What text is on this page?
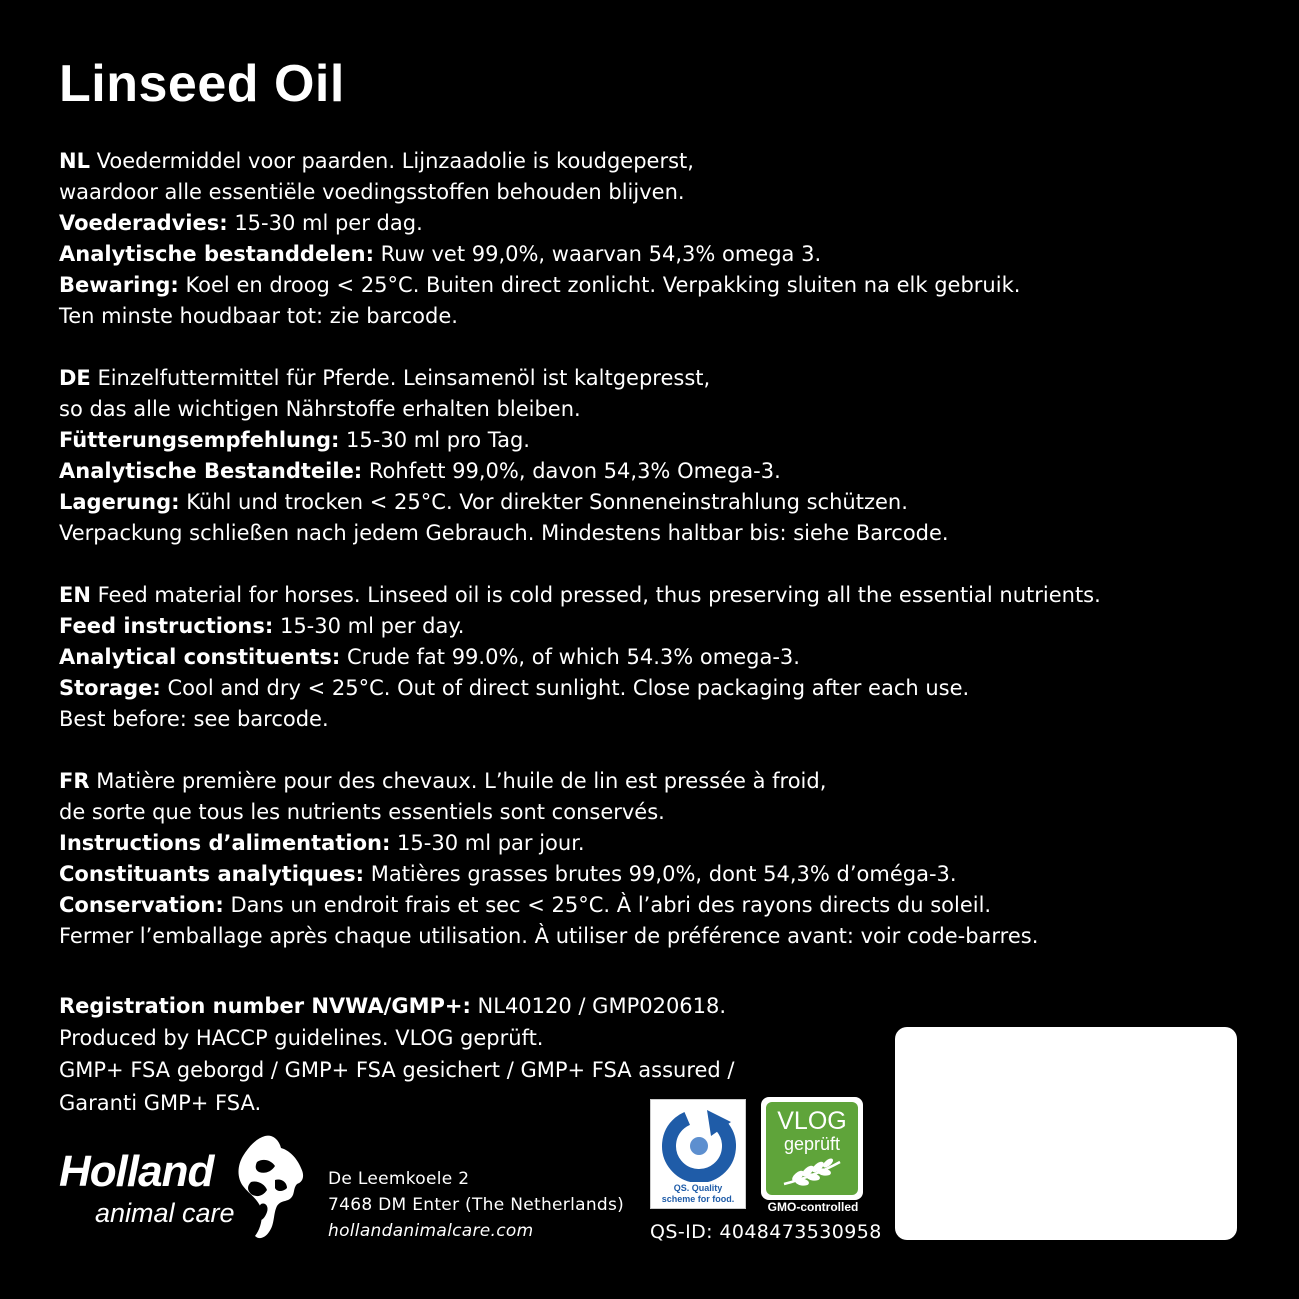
Linseed Oil
NL Voedermiddel voor paarden. Lijnzaadolie is koudgeperst,
waardoor alle essentiële voedingsstoffen behouden blijven.
Voederadvies: 15-30 ml per dag.
Analytische bestanddelen: Ruw vet 99,0%, waarvan 54,3% omega 3.
Bewaring: Koel en droog < 25°C. Buiten direct zonlicht. Verpakking sluiten na elk gebruik.
Ten minste houdbaar tot: zie barcode.
DE Einzelfuttermittel für Pferde. Leinsamenöl ist kaltgepresst,
so das alle wichtigen Nährstoffe erhalten bleiben.
Fütterungsempfehlung: 15-30 ml pro Tag.
Analytische Bestandteile: Rohfett 99,0%, davon 54,3% Omega-3.
Lagerung: Kühl und trocken < 25°C. Vor direkter Sonneneinstrahlung schützen.
Verpackung schließen nach jedem Gebrauch. Mindestens haltbar bis: siehe Barcode.
EN Feed material for horses. Linseed oil is cold pressed, thus preserving all the essential nutrients.
Feed instructions: 15-30 ml per day.
Analytical constituents: Crude fat 99.0%, of which 54.3% omega-3.
Storage: Cool and dry < 25°C. Out of direct sunlight. Close packaging after each use.
Best before: see barcode.
FR Matière première pour des chevaux. L’huile de lin est pressée à froid,
de sorte que tous les nutrients essentiels sont conservés.
Instructions d’alimentation: 15-30 ml par jour.
Constituants analytiques: Matières grasses brutes 99,0%, dont 54,3% d’oméga-3.
Conservation: Dans un endroit frais et sec < 25°C. À l’abri des rayons directs du soleil.
Fermer l’emballage après chaque utilisation. À utiliser de préférence avant: voir code-barres.
Registration number NVWA/GMP+: NL40120 / GMP020618.
Produced by HACCP guidelines. VLOG geprüft.
GMP+ FSA geborgd / GMP+ FSA gesichert / GMP+ FSA assured /
Garanti GMP+ FSA.
Holland
animal care
De Leemkoele 2
7468 DM Enter (The Netherlands)
hollandanimalcare.com
QS. Quality
scheme for food.
VLOG
geprüft
GMO-controlled
QS-ID: 4048473530958
